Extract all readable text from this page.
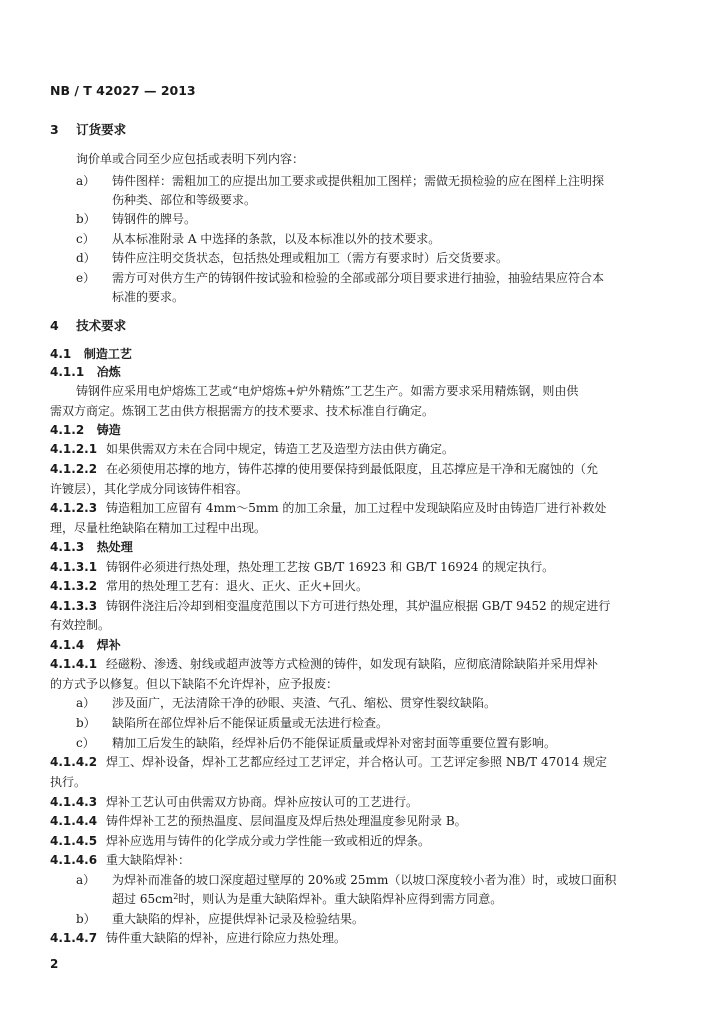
NB / T 42027 — 2013
3 订货要求
询价单或合同至少应包括或表明下列内容：
a） 铸件图样：需粗加工的应提出加工要求或提供粗加工图样；需做无损检验的应在图样上注明探
伤种类、部位和等级要求。
b） 铸钢件的牌号。
c） 从本标准附录 A 中选择的条款，以及本标准以外的技术要求。
d） 铸件应注明交货状态，包括热处理或粗加工（需方有要求时）后交货要求。
e） 需方可对供方生产的铸钢件按试验和检验的全部或部分项目要求进行抽验，抽验结果应符合本
标准的要求。
4 技术要求
4.1 制造工艺
4.1.1 冶炼
铸钢件应采用电炉熔炼工艺或“电炉熔炼+炉外精炼”工艺生产。如需方要求采用精炼钢，则由供
需双方商定。炼钢工艺由供方根据需方的技术要求、技术标准自行确定。
4.1.2 铸造
4.1.2.1 如果供需双方未在合同中规定，铸造工艺及造型方法由供方确定。
4.1.2.2 在必须使用芯撑的地方，铸件芯撑的使用要保持到最低限度，且芯撑应是干净和无腐蚀的（允
许镀层），其化学成分同该铸件相容。
4.1.2.3 铸造粗加工应留有 4mm～5mm 的加工余量，加工过程中发现缺陷应及时由铸造厂进行补救处
理，尽量杜绝缺陷在精加工过程中出现。
4.1.3 热处理
4.1.3.1 铸钢件必须进行热处理，热处理工艺按 GB/T 16923 和 GB/T 16924 的规定执行。
4.1.3.2 常用的热处理工艺有：退火、正火、正火+回火。
4.1.3.3 铸钢件浇注后冷却到相变温度范围以下方可进行热处理，其炉温应根据 GB/T 9452 的规定进行
有效控制。
4.1.4 焊补
4.1.4.1 经磁粉、渗透、射线或超声波等方式检测的铸件，如发现有缺陷，应彻底清除缺陷并采用焊补
的方式予以修复。但以下缺陷不允许焊补，应予报废：
a） 涉及面广，无法清除干净的砂眼、夹渣、气孔、缩松、贯穿性裂纹缺陷。
b） 缺陷所在部位焊补后不能保证质量或无法进行检查。
c） 精加工后发生的缺陷，经焊补后仍不能保证质量或焊补对密封面等重要位置有影响。
4.1.4.2 焊工、焊补设备，焊补工艺都应经过工艺评定，并合格认可。工艺评定参照 NB/T 47014 规定
执行。
4.1.4.3 焊补工艺认可由供需双方协商。焊补应按认可的工艺进行。
4.1.4.4 铸件焊补工艺的预热温度、层间温度及焊后热处理温度参见附录 B。
4.1.4.5 焊补应选用与铸件的化学成分或力学性能一致或相近的焊条。
4.1.4.6 重大缺陷焊补：
a） 为焊补而准备的坡口深度超过壁厚的 20%或 25mm（以坡口深度较小者为准）时，或坡口面积
超过 $65cm^2$时，则认为是重大缺陷焊补。重大缺陷焊补应得到需方同意。
b） 重大缺陷的焊补，应提供焊补记录及检验结果。
4.1.4.7 铸件重大缺陷的焊补，应进行除应力热处理。
2
